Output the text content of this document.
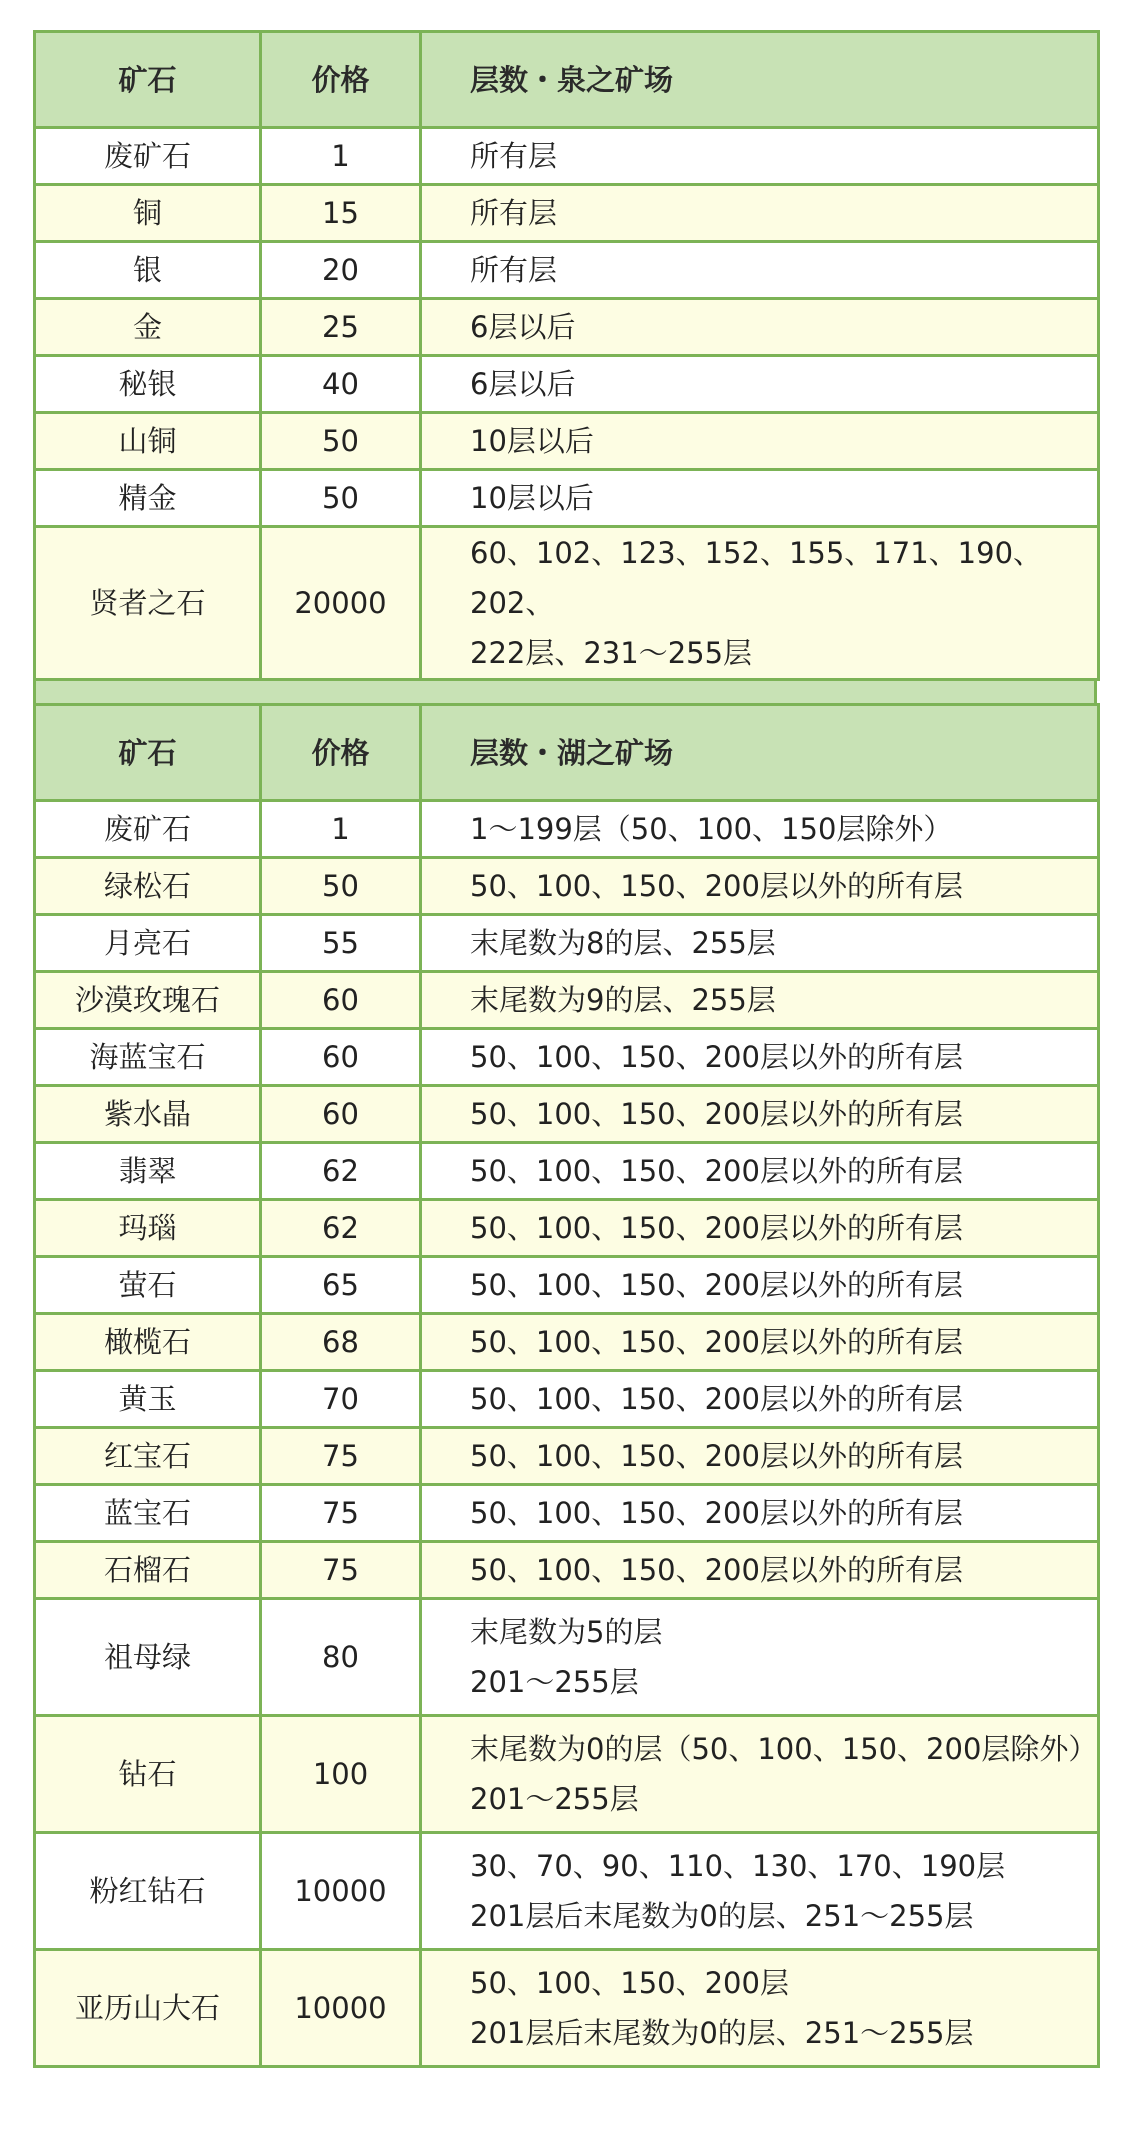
矿石	价格	层数・泉之矿场
废矿石	1	所有层

铜	15	所有层

银	20	所有层

金	25	6层以后

秘银	40	6层以后

山铜	50	10层以后

精金	50	10层以后

贤者之石	20000	60、102、123、152、155、171、190、202、
222层、231～255层
矿石	价格	层数・湖之矿场
废矿石	1	1～199层（50、100、150层除外）

绿松石	50	50、100、150、200层以外的所有层

月亮石	55	末尾数为8的层、255层

沙漠玫瑰石	60	末尾数为9的层、255层

海蓝宝石	60	50、100、150、200层以外的所有层

紫水晶	60	50、100、150、200层以外的所有层

翡翠	62	50、100、150、200层以外的所有层

玛瑙	62	50、100、150、200层以外的所有层

萤石	65	50、100、150、200层以外的所有层

橄榄石	68	50、100、150、200层以外的所有层

黄玉	70	50、100、150、200层以外的所有层

红宝石	75	50、100、150、200层以外的所有层

蓝宝石	75	50、100、150、200层以外的所有层

石榴石	75	50、100、150、200层以外的所有层

祖母绿	80	末尾数为5的层
201～255层

钻石	100	末尾数为0的层（50、100、150、200层除外）
201～255层

粉红钻石	10000	30、70、90、110、130、170、190层
201层后末尾数为0的层、251～255层

亚历山大石	10000	50、100、150、200层
201层后末尾数为0的层、251～255层
